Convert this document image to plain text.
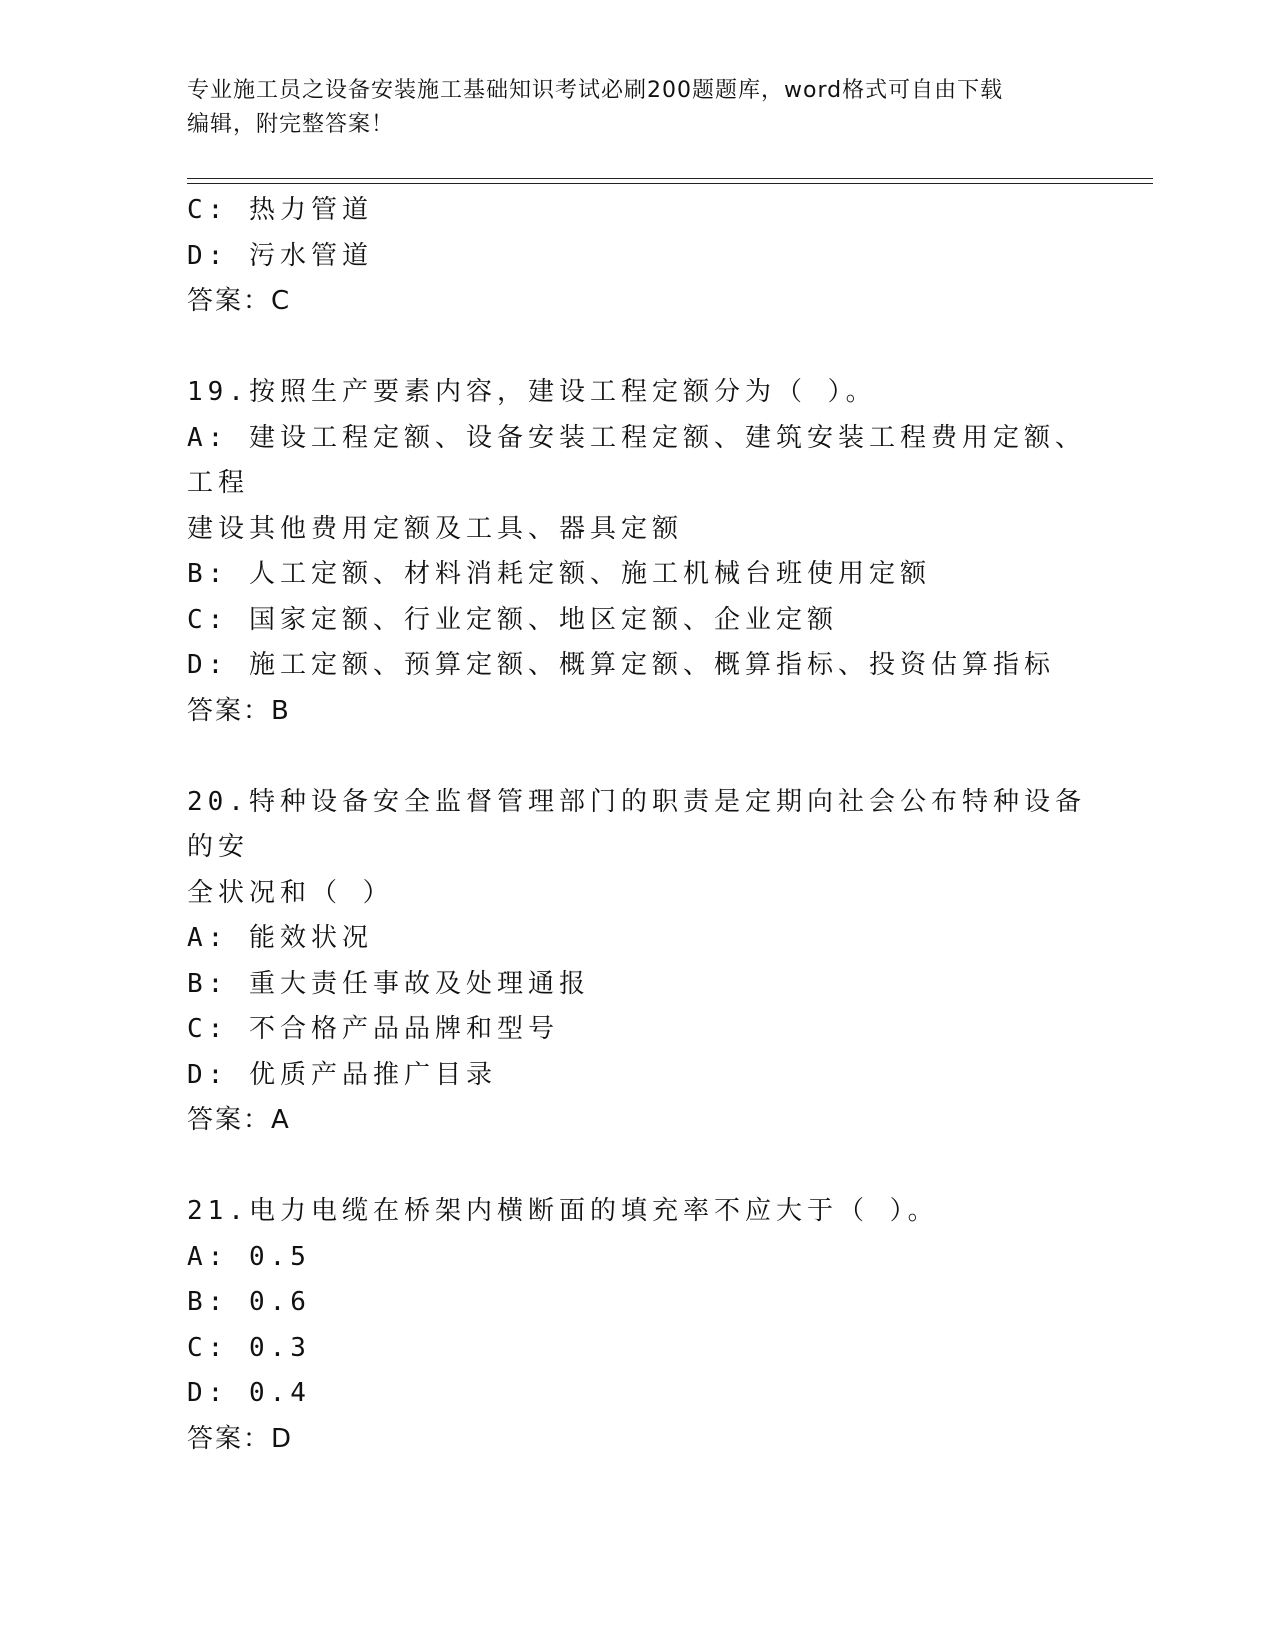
专业施工员之设备安装施工基础知识考试必刷200题题库，word格式可自由下载
编辑，附完整答案！
C: 热力管道
D: 污水管道
答案：C
19.按照生产要素内容，建设工程定额分为（ ）。
A: 建设工程定额、设备安装工程定额、建筑安装工程费用定额、工程
建设其他费用定额及工具、器具定额
B: 人工定额、材料消耗定额、施工机械台班使用定额
C: 国家定额、行业定额、地区定额、企业定额
D: 施工定额、预算定额、概算定额、概算指标、投资估算指标
答案：B
20.特种设备安全监督管理部门的职责是定期向社会公布特种设备的安
全状况和（ ）
A: 能效状况
B: 重大责任事故及处理通报
C: 不合格产品品牌和型号
D: 优质产品推广目录
答案：A
21.电力电缆在桥架内横断面的填充率不应大于（ ）。
A: 0.5
B: 0.6
C: 0.3
D: 0.4
答案：D
